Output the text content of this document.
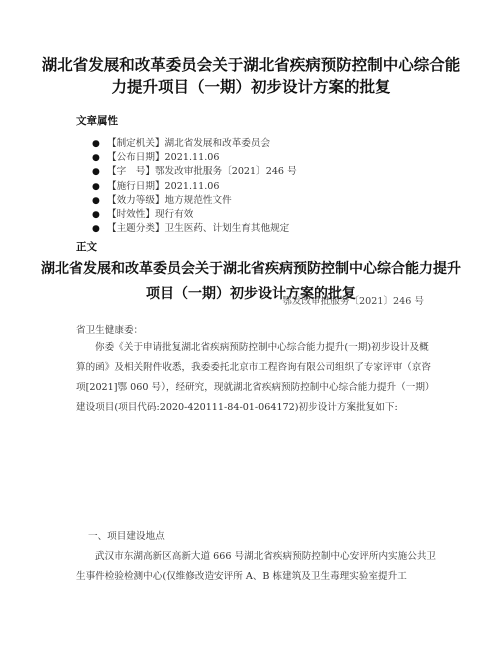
湖北省发展和改革委员会关于湖北省疾病预防控制中心综合能力提升项目（一期）初步设计方案的批复
文章属性
● 【制定机关】湖北省发展和改革委员会
● 【公布日期】2021.11.06
● 【字　号】鄂发改审批服务〔2021〕246 号
● 【施行日期】2021.11.06
● 【效力等级】地方规范性文件
● 【时效性】现行有效
● 【主题分类】卫生医药、计划生育其他规定
正文
湖北省发展和改革委员会关于湖北省疾病预防控制中心综合能力提升项目（一期）初步设计方案的批复
鄂发改审批服务〔2021〕246 号

省卫生健康委：

你委《关于申请批复湖北省疾病预防控制中心综合能力提升(一期)初步设计及概算的函》及相关附件收悉，我委委托北京市工程咨询有限公司组织了专家评审（京咨项[2021]鄂 060 号），经研究，现就湖北省疾病预防控制中心综合能力提升（一期）建设项目(项目代码:2020-420111-84-01-064172)初步设计方案批复如下:

一、项目建设地点

武汉市东湖高新区高新大道 666 号湖北省疾病预防控制中心安评所内实施公共卫生事件检验检测中心(仅维修改造安评所 A、B 栋建筑及卫生毒理实验室提升工
